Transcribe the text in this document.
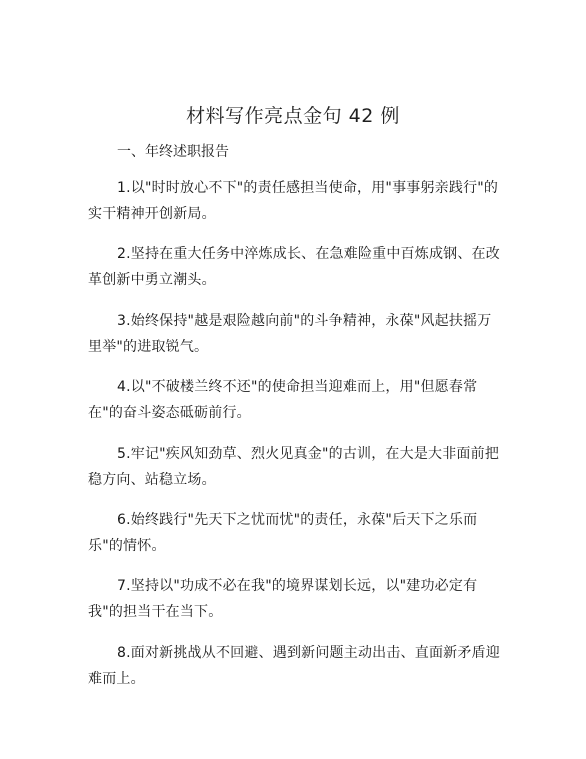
材料写作亮点金句 42 例
一、年终述职报告
1.以"时时放心不下"的责任感担当使命，用"事事躬亲践行"的实干精神开创新局。
2.坚持在重大任务中淬炼成长、在急难险重中百炼成钢、在改革创新中勇立潮头。
3.始终保持"越是艰险越向前"的斗争精神，永葆"风起扶摇万里举"的进取锐气。
4.以"不破楼兰终不还"的使命担当迎难而上，用"但愿春常在"的奋斗姿态砥砺前行。
5.牢记"疾风知劲草、烈火见真金"的古训，在大是大非面前把稳方向、站稳立场。
6.始终践行"先天下之忧而忧"的责任，永葆"后天下之乐而乐"的情怀。
7.坚持以"功成不必在我"的境界谋划长远，以"建功必定有我"的担当干在当下。
8.面对新挑战从不回避、遇到新问题主动出击、直面新矛盾迎难而上。
